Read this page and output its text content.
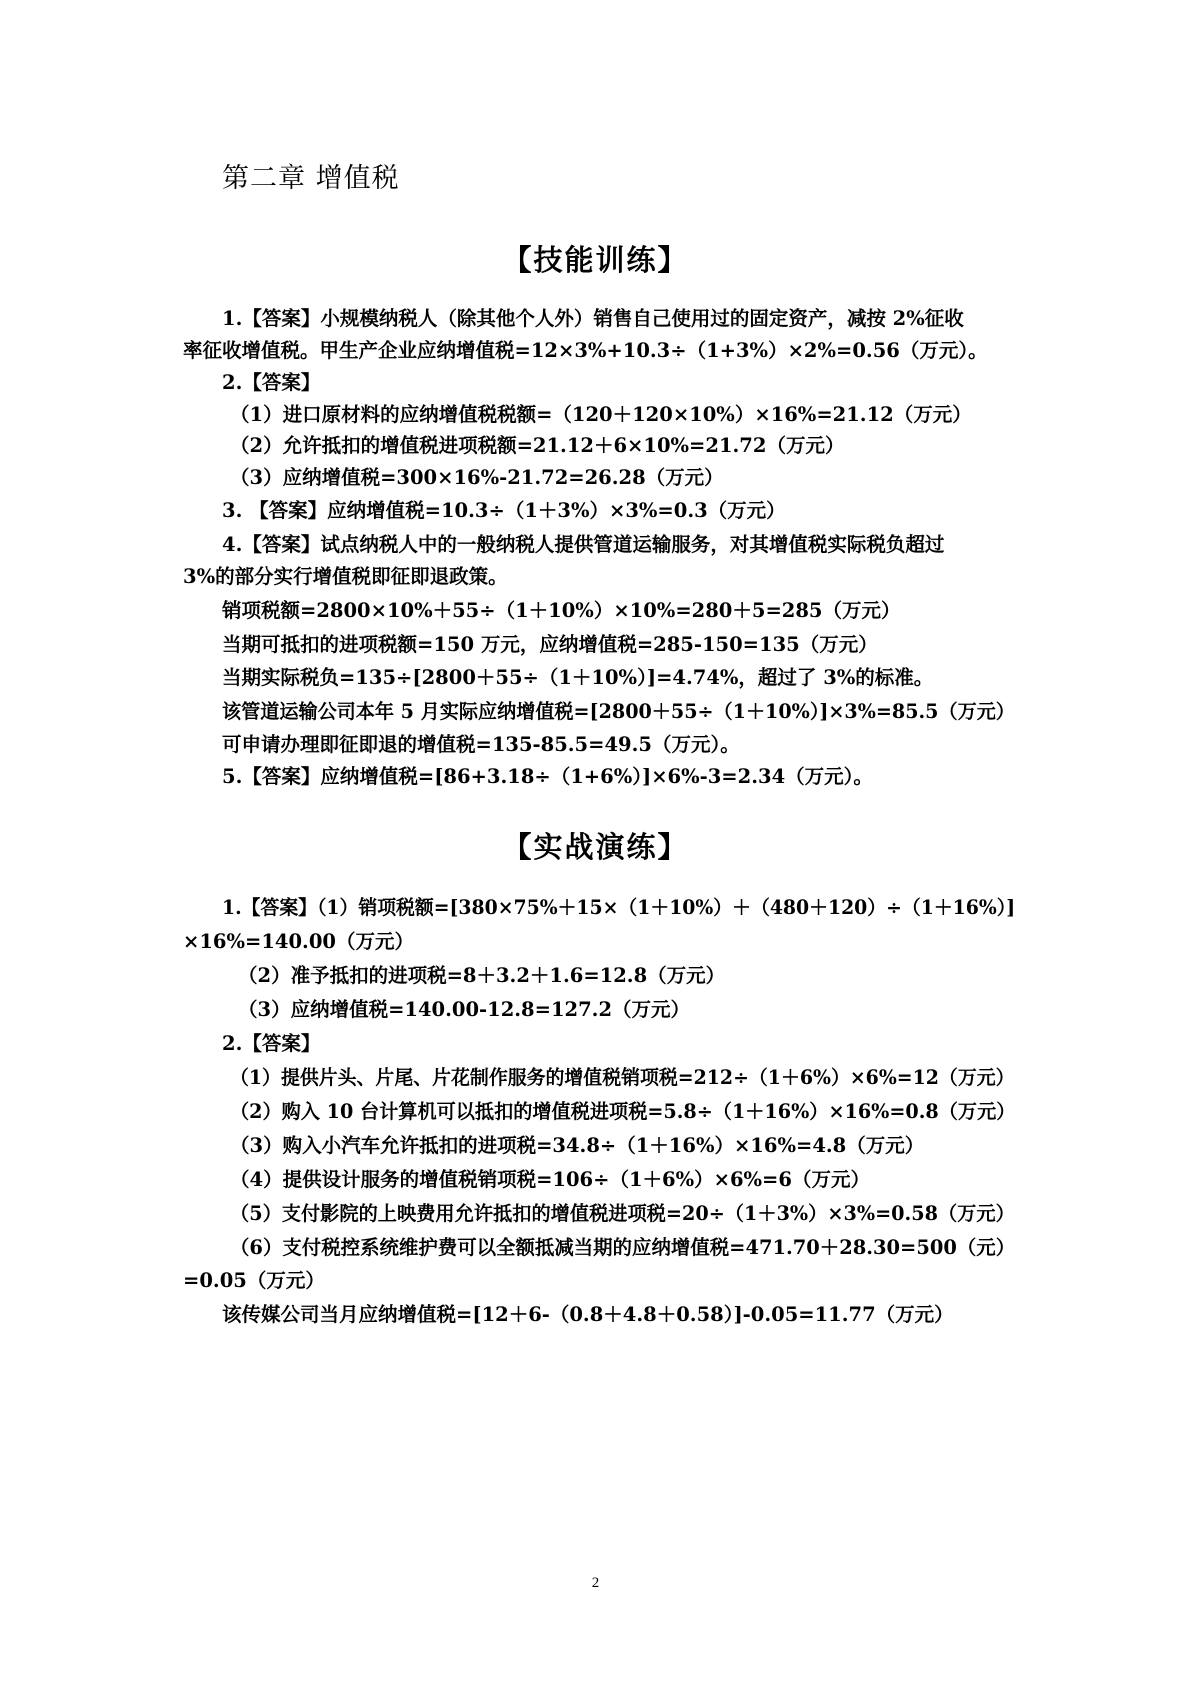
第二章 增值税
【技能训练】
1.【答案】小规模纳税人（除其他个人外）销售自己使用过的固定资产，减按 2%征收
率征收增值税。甲生产企业应纳增值税=12×3%+10.3÷（1+3%）×2%=0.56（万元）。
2.【答案】
（1）进口原材料的应纳增值税税额=（120＋120×10%）×16%=21.12（万元）
（2）允许抵扣的增值税进项税额=21.12＋6×10%=21.72（万元）
（3）应纳增值税=300×16%-21.72=26.28（万元）
3. 【答案】应纳增值税=10.3÷（1＋3%）×3%=0.3（万元）
4.【答案】试点纳税人中的一般纳税人提供管道运输服务，对其增值税实际税负超过
3%的部分实行增值税即征即退政策。
销项税额=2800×10%＋55÷（1＋10%）×10%=280＋5=285（万元）
当期可抵扣的进项税额=150 万元，应纳增值税=285-150=135（万元）
当期实际税负=135÷[2800＋55÷（1＋10%）]=4.74%，超过了 3%的标准。
该管道运输公司本年 5 月实际应纳增值税=[2800＋55÷（1＋10%）]×3%=85.5（万元）
可申请办理即征即退的增值税=135-85.5=49.5（万元）。
5.【答案】应纳增值税=[86+3.18÷（1+6%）]×6%-3=2.34（万元）。
【实战演练】
1.【答案】（1）销项税额=[380×75%＋15×（1＋10%）＋（480＋120）÷（1＋16%）]
×16%=140.00（万元）
（2）准予抵扣的进项税=8＋3.2＋1.6=12.8（万元）
（3）应纳增值税=140.00-12.8=127.2（万元）
2.【答案】
（1）提供片头、片尾、片花制作服务的增值税销项税=212÷（1＋6%）×6%=12（万元）
（2）购入 10 台计算机可以抵扣的增值税进项税=5.8÷（1＋16%）×16%=0.8（万元）
（3）购入小汽车允许抵扣的进项税=34.8÷（1＋16%）×16%=4.8（万元）
（4）提供设计服务的增值税销项税=106÷（1＋6%）×6%=6（万元）
（5）支付影院的上映费用允许抵扣的增值税进项税=20÷（1＋3%）×3%=0.58（万元）
（6）支付税控系统维护费可以全额抵减当期的应纳增值税=471.70＋28.30=500（元）
=0.05（万元）
该传媒公司当月应纳增值税=[12＋6-（0.8＋4.8＋0.58）]-0.05=11.77（万元）
2
